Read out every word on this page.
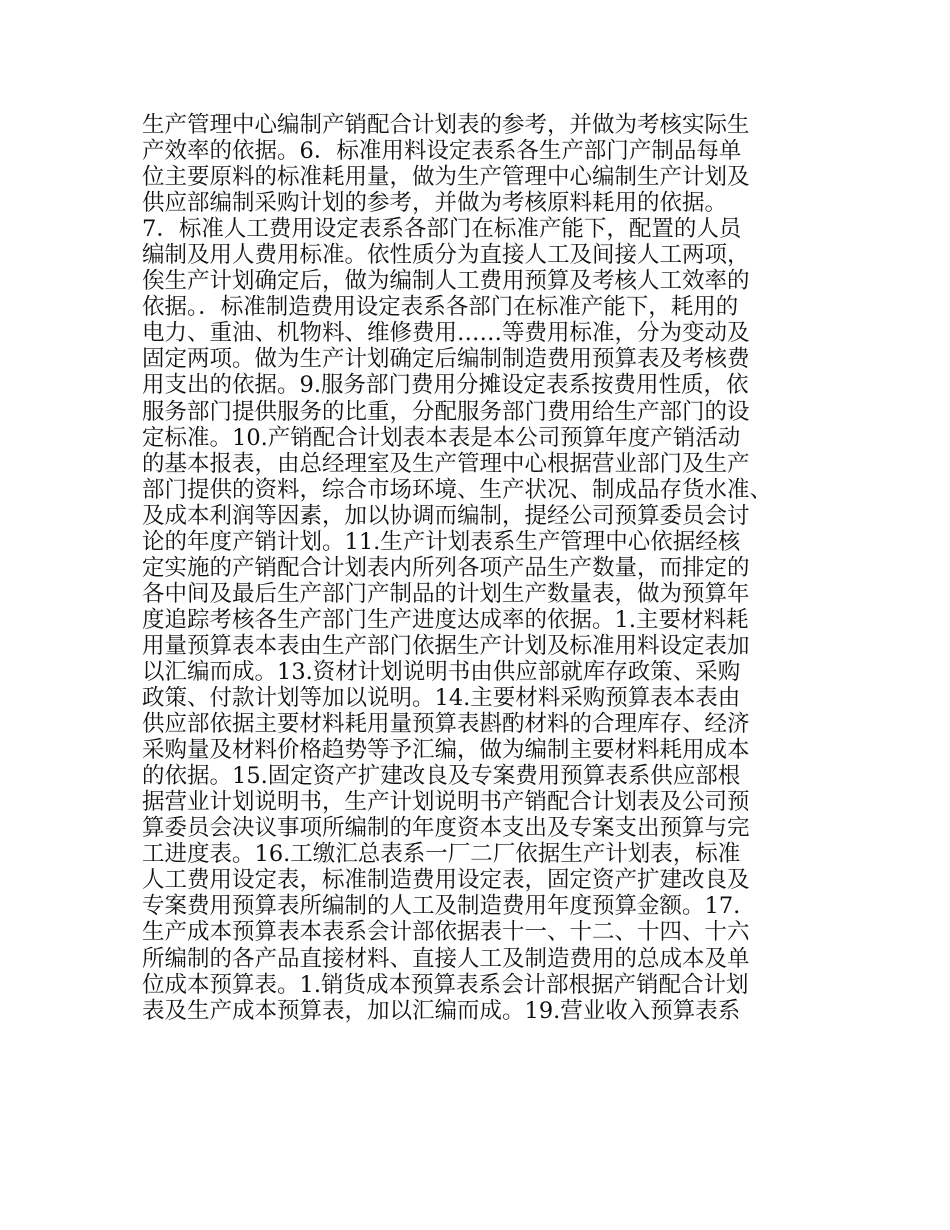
生产管理中心编制产销配合计划表的参考，并做为考核实际生
产效率的依据。6．标准用料设定表系各生产部门产制品每单
位主要原料的标准耗用量，做为生产管理中心编制生产计划及
供应部编制采购计划的参考，并做为考核原料耗用的依据。
7．标准人工费用设定表系各部门在标准产能下，配置的人员
编制及用人费用标准。依性质分为直接人工及间接人工两项，
俟生产计划确定后，做为编制人工费用预算及考核人工效率的
依据。．标准制造费用设定表系各部门在标准产能下，耗用的
电力、重油、机物料、维修费用……等费用标准，分为变动及
固定两项。做为生产计划确定后编制制造费用预算表及考核费
用支出的依据。9.服务部门费用分摊设定表系按费用性质，依
服务部门提供服务的比重，分配服务部门费用给生产部门的设
定标准。10.产销配合计划表本表是本公司预算年度产销活动
的基本报表，由总经理室及生产管理中心根据营业部门及生产
部门提供的资料，综合市场环境、生产状况、制成品存货水准、
及成本利润等因素，加以协调而编制，提经公司预算委员会讨
论的年度产销计划。11.生产计划表系生产管理中心依据经核
定实施的产销配合计划表内所列各项产品生产数量，而排定的
各中间及最后生产部门产制品的计划生产数量表，做为预算年
度追踪考核各生产部门生产进度达成率的依据。1.主要材料耗
用量预算表本表由生产部门依据生产计划及标准用料设定表加
以汇编而成。13.资材计划说明书由供应部就库存政策、采购
政策、付款计划等加以说明。14.主要材料采购预算表本表由
供应部依据主要材料耗用量预算表斟酌材料的合理库存、经济
采购量及材料价格趋势等予汇编，做为编制主要材料耗用成本
的依据。15.固定资产扩建改良及专案费用预算表系供应部根
据营业计划说明书，生产计划说明书产销配合计划表及公司预
算委员会决议事项所编制的年度资本支出及专案支出预算与完
工进度表。16.工缴汇总表系一厂二厂依据生产计划表，标准
人工费用设定表，标准制造费用设定表，固定资产扩建改良及
专案费用预算表所编制的人工及制造费用年度预算金额。17.
生产成本预算表本表系会计部依据表十一、十二、十四、十六
所编制的各产品直接材料、直接人工及制造费用的总成本及单
位成本预算表。1.销货成本预算表系会计部根据产销配合计划
表及生产成本预算表，加以汇编而成。19.营业收入预算表系
